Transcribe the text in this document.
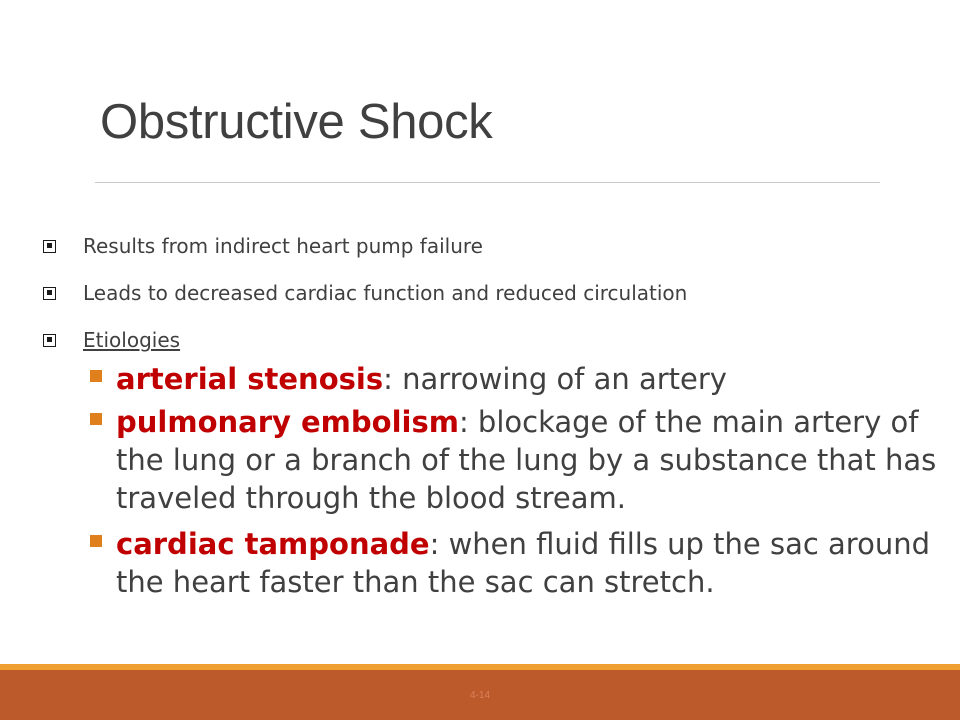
Obstructive Shock
Results from indirect heart pump failure
Leads to decreased cardiac function and reduced circulation
Etiologies
arterial stenosis: narrowing of an artery
pulmonary embolism: blockage of the main artery of the lung or a branch of the lung by a substance that has traveled through the blood stream.
cardiac tamponade: when fluid fills up the sac around the heart faster than the sac can stretch.
4-14
